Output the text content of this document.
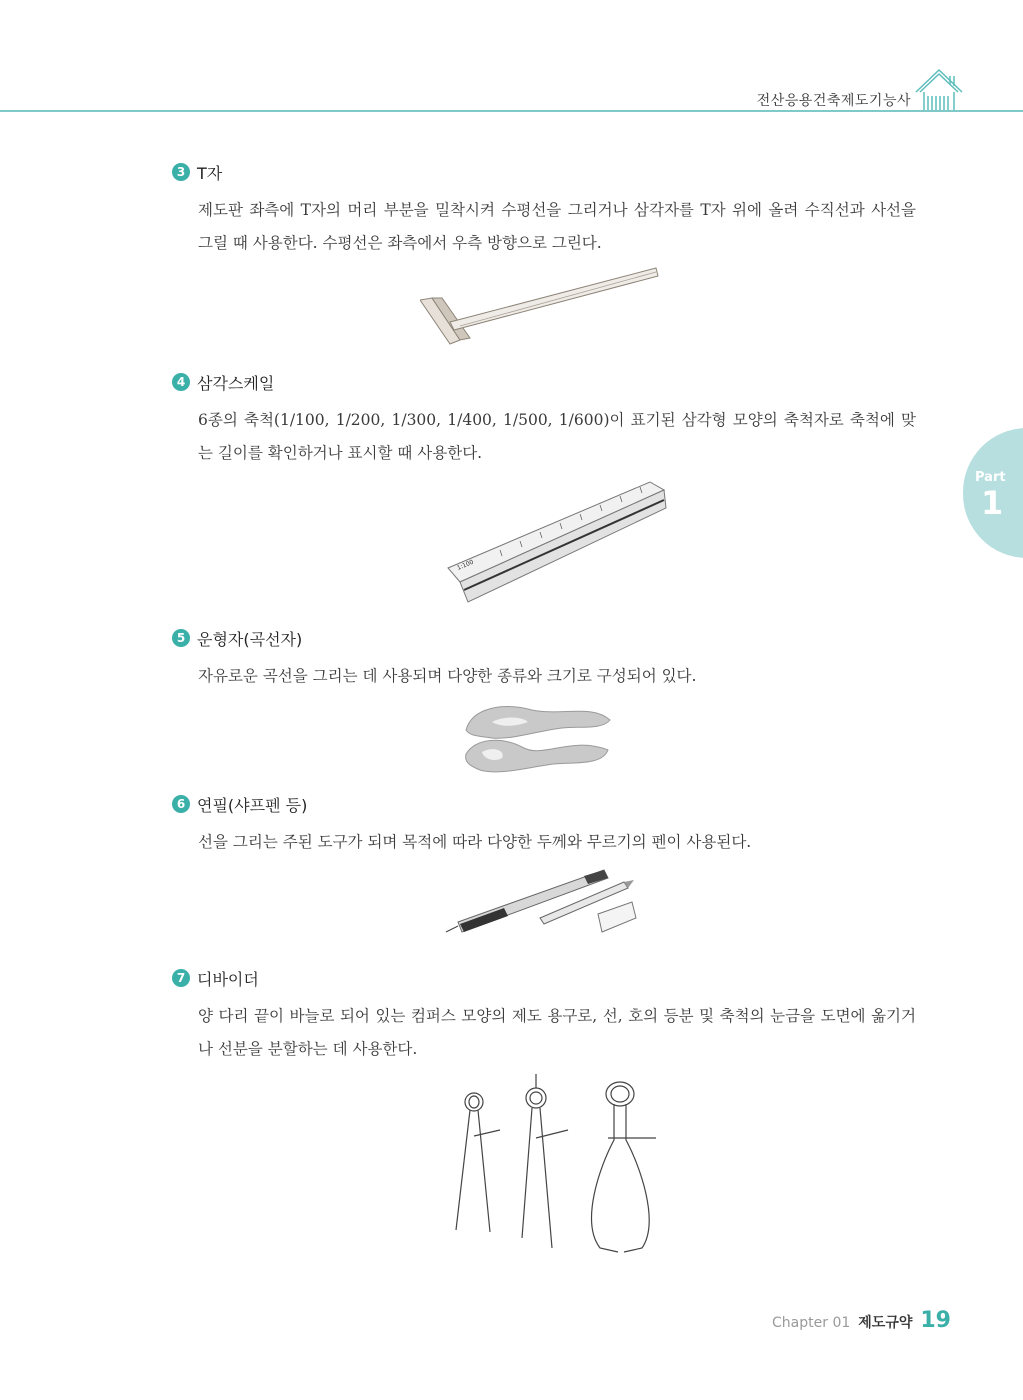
전산응용건축제도기능사
Part
1
3 T자
제도판 좌측에 T자의 머리 부분을 밀착시켜 수평선을 그리거나 삼각자를 T자 위에 올려 수직선과 사선을 그릴 때 사용한다. 수평선은 좌측에서 우측 방향으로 그린다.
4 삼각스케일
6종의 축척(1/100, 1/200, 1/300, 1/400, 1/500, 1/600)이 표기된 삼각형 모양의 축척자로 축척에 맞는 길이를 확인하거나 표시할 때 사용한다.
1:100
5 운형자(곡선자)
자유로운 곡선을 그리는 데 사용되며 다양한 종류와 크기로 구성되어 있다.
6 연필(샤프펜 등)
선을 그리는 주된 도구가 되며 목적에 따라 다양한 두께와 무르기의 펜이 사용된다.
7 디바이더
양 다리 끝이 바늘로 되어 있는 컴퍼스 모양의 제도 용구로, 선, 호의 등분 및 축척의 눈금을 도면에 옮기거나 선분을 분할하는 데 사용한다.
Chapter 01 제도규약 19
